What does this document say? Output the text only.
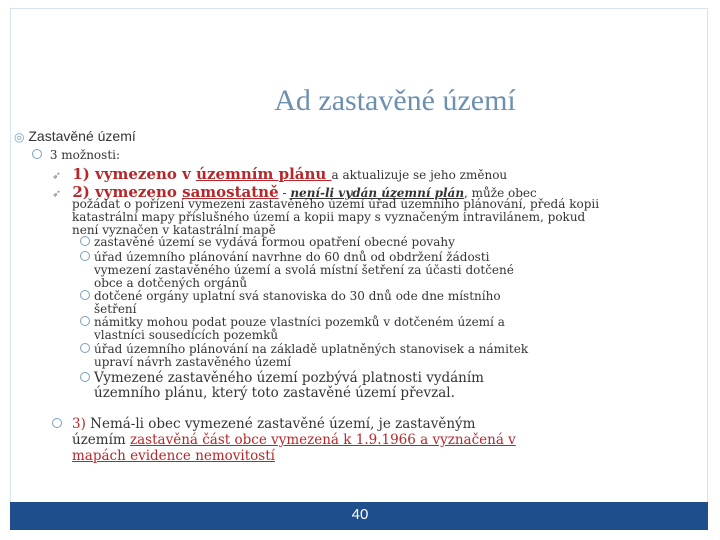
Ad zastavěné území
◎ Zastavěné území
3 možnosti:
➶ 1) vymezeno v územním plánu a aktualizuje se jeho změnou
➶ 2) vymezeno samostatně - není-li vydán územní plán, může obec
požádat o pořízení vymezení zastavěného území úřad územního plánování, předá kopii
katastrální mapy příslušného území a kopii mapy s vyznačeným intravilánem, pokud
není vyznačen v katastrální mapě
zastavěné území se vydává formou opatření obecné povahy
úřad územního plánování navrhne do 60 dnů od obdržení žádosti
vymezení zastavěného území a svolá místní šetření za účasti dotčené
obce a dotčených orgánů
dotčené orgány uplatní svá stanoviska do 30 dnů ode dne místního
šetření
námitky mohou podat pouze vlastníci pozemků v dotčeném území a
vlastníci sousedících pozemků
úřad územního plánování na základě uplatněných stanovisek a námitek
upraví návrh zastavěného území
Vymezené zastavěného území pozbývá platnosti vydáním
územního plánu, který toto zastavěné území převzal.
3) Nemá-li obec vymezené zastavěné území, je zastavěným
územím zastavěná část obce vymezená k 1.9.1966 a vyznačená v
mapách evidence nemovitostí
40
